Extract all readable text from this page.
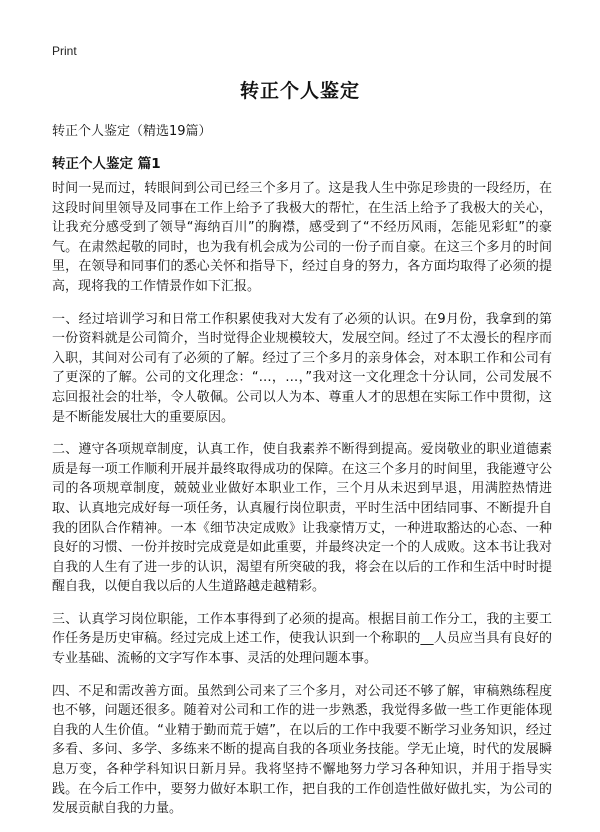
Print
转正个人鉴定

转正个人鉴定（精选19篇）

转正个人鉴定 篇1

时间一晃而过，转眼间到公司已经三个多月了。这是我人生中弥足珍贵的一段经历，在这段时间里领导及同事在工作上给予了我极大的帮忙，在生活上给予了我极大的关心，让我充分感受到了领导“海纳百川”的胸襟，感受到了“不经历风雨，怎能见彩虹”的豪气。在肃然起敬的同时，也为我有机会成为公司的一份子而自豪。在这三个多月的时间里，在领导和同事们的悉心关怀和指导下，经过自身的努力，各方面均取得了必须的提高，现将我的工作情景作如下汇报。

一、经过培训学习和日常工作积累使我对大发有了必须的认识。在9月份，我拿到的第一份资料就是公司简介，当时觉得企业规模较大，发展空间。经过了不太漫长的程序而入职，其间对公司有了必须的了解。经过了三个多月的亲身体会，对本职工作和公司有了更深的了解。公司的文化理念：“…，…，”我对这一文化理念十分认同，公司发展不忘回报社会的壮举，令人敬佩。公司以人为本、尊重人才的思想在实际工作中贯彻，这是不断能发展壮大的重要原因。

二、遵守各项规章制度，认真工作，使自我素养不断得到提高。爱岗敬业的职业道德素质是每一项工作顺利开展并最终取得成功的保障。在这三个多月的时间里，我能遵守公司的各项规章制度，兢兢业业做好本职业工作，三个月从未迟到早退，用满腔热情进取、认真地完成好每一项任务，认真履行岗位职责，平时生活中团结同事、不断提升自我的团队合作精神。一本《细节决定成败》让我豪情万丈，一种进取豁达的心态、一种良好的习惯、一份并按时完成竟是如此重要，并最终决定一个的人成败。这本书让我对自我的人生有了进一步的认识，渴望有所突破的我，将会在以后的工作和生活中时时提醒自我，以便自我以后的人生道路越走越精彩。

三、认真学习岗位职能，工作本事得到了必须的提高。根据目前工作分工，我的主要工作任务是历史审稿。经过完成上述工作，使我认识到一个称职的__人员应当具有良好的专业基础、流畅的文字写作本事、灵活的处理问题本事。

四、不足和需改善方面。虽然到公司来了三个多月，对公司还不够了解，审稿熟练程度也不够，问题还很多。随着对公司和工作的进一步熟悉，我觉得多做一些工作更能体现自我的人生价值。“业精于勤而荒于嬉”，在以后的工作中我要不断学习业务知识，经过多看、多问、多学、多练来不断的提高自我的各项业务技能。学无止境，时代的发展瞬息万变，各种学科知识日新月异。我将坚持不懈地努力学习各种知识，并用于指导实践。在今后工作中，要努力做好本职工作，把自我的工作创造性做好做扎实，为公司的发展贡献自我的力量。
